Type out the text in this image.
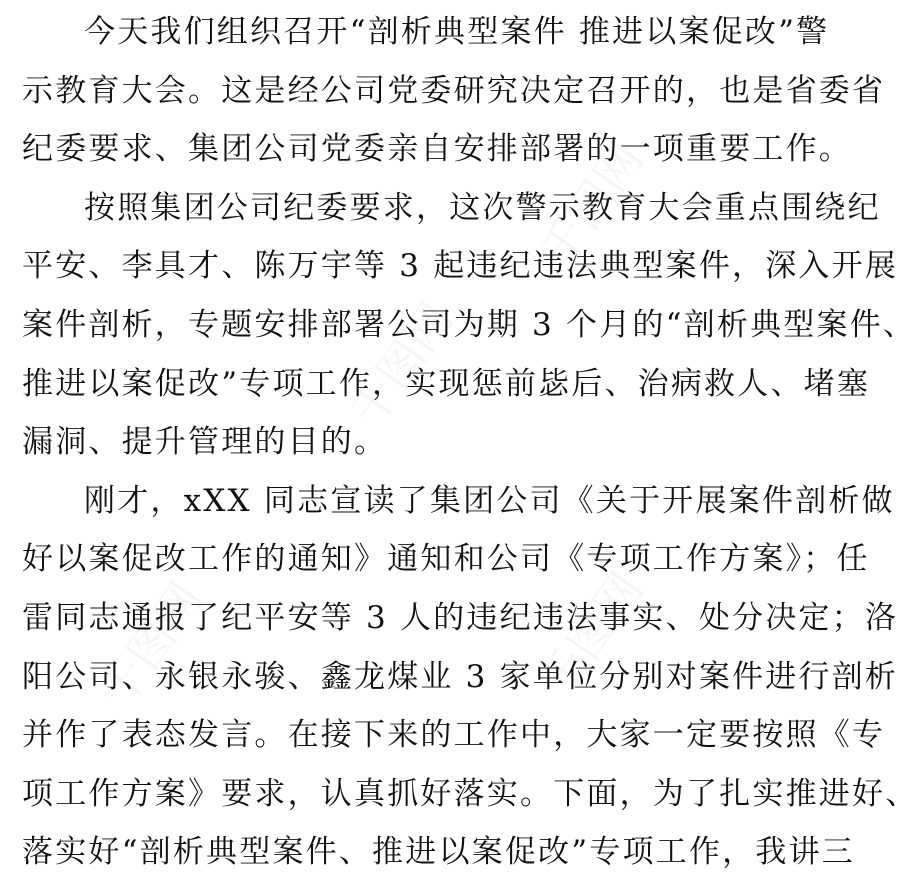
千图网
千图网
千图网	千图网
今天我们组织召开“剖析典型案件 推进以案促改”警
示教育大会。这是经公司党委研究决定召开的，也是省委省
纪委要求、集团公司党委亲自安排部署的一项重要工作。
按照集团公司纪委要求，这次警示教育大会重点围绕纪
平安、李具才、陈万宇等 3 起违纪违法典型案件，深入开展
案件剖析，专题安排部署公司为期 3 个月的“剖析典型案件、
推进以案促改”专项工作，实现惩前毖后、治病救人、堵塞
漏洞、提升管理的目的。
刚才，xXX 同志宣读了集团公司《关于开展案件剖析做
好以案促改工作的通知》通知和公司《专项工作方案》；任
雷同志通报了纪平安等 3 人的违纪违法事实、处分决定；洛
阳公司、永银永骏、鑫龙煤业 3 家单位分别对案件进行剖析
并作了表态发言。在接下来的工作中，大家一定要按照《专
项工作方案》要求，认真抓好落实。下面，为了扎实推进好、
落实好“剖析典型案件、推进以案促改”专项工作，我讲三
